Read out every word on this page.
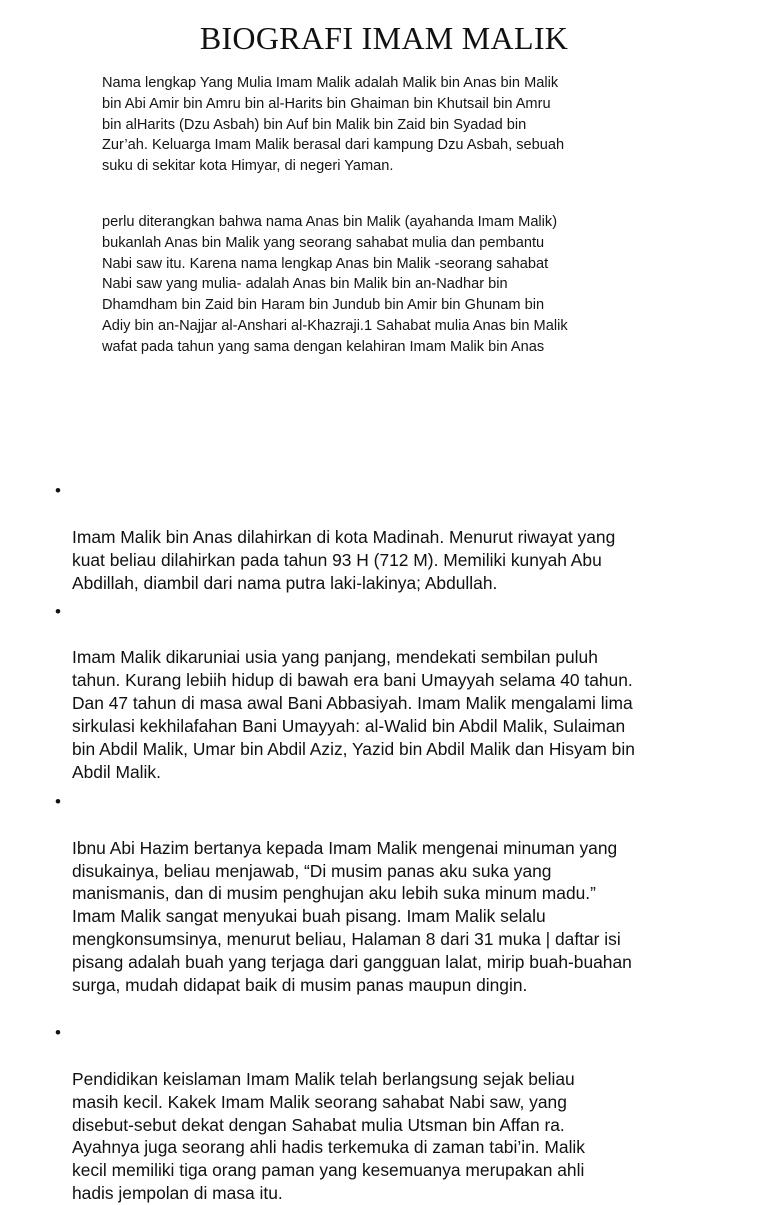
BIOGRAFI IMAM MALIK

Nama lengkap Yang Mulia Imam Malik adalah Malik bin Anas bin Malik
bin Abi Amir bin Amru bin al-Harits bin Ghaiman bin Khutsail bin Amru
bin alHarits (Dzu Asbah) bin Auf bin Malik bin Zaid bin Syadad bin
Zur’ah. Keluarga Imam Malik berasal dari kampung Dzu Asbah, sebuah
suku di sekitar kota Himyar, di negeri Yaman.

perlu diterangkan bahwa nama Anas bin Malik (ayahanda Imam Malik)
bukanlah Anas bin Malik yang seorang sahabat mulia dan pembantu
Nabi saw itu. Karena nama lengkap Anas bin Malik -seorang sahabat
Nabi saw yang mulia- adalah Anas bin Malik bin an-Nadhar bin
Dhamdham bin Zaid bin Haram bin Jundub bin Amir bin Ghunam bin
Adiy bin an-Najjar al-Anshari al-Khazraji.1 Sahabat mulia Anas bin Malik
wafat pada tahun yang sama dengan kelahiran Imam Malik bin Anas

•

Imam Malik bin Anas dilahirkan di kota Madinah. Menurut riwayat yang
kuat beliau dilahirkan pada tahun 93 H (712 M). Memiliki kunyah Abu
Abdillah, diambil dari nama putra laki-lakinya; Abdullah.

•

Imam Malik dikaruniai usia yang panjang, mendekati sembilan puluh
tahun. Kurang lebiih hidup di bawah era bani Umayyah selama 40 tahun.
Dan 47 tahun di masa awal Bani Abbasiyah. Imam Malik mengalami lima
sirkulasi kekhilafahan Bani Umayyah: al-Walid bin Abdil Malik, Sulaiman
bin Abdil Malik, Umar bin Abdil Aziz, Yazid bin Abdil Malik dan Hisyam bin
Abdil Malik.

•

Ibnu Abi Hazim bertanya kepada Imam Malik mengenai minuman yang
disukainya, beliau menjawab, “Di musim panas aku suka yang
manismanis, dan di musim penghujan aku lebih suka minum madu.”
Imam Malik sangat menyukai buah pisang. Imam Malik selalu
mengkonsumsinya, menurut beliau, Halaman 8 dari 31 muka | daftar isi
pisang adalah buah yang terjaga dari gangguan lalat, mirip buah-buahan
surga, mudah didapat baik di musim panas maupun dingin.

•

Pendidikan keislaman Imam Malik telah berlangsung sejak beliau
masih kecil. Kakek Imam Malik seorang sahabat Nabi saw, yang
disebut-sebut dekat dengan Sahabat mulia Utsman bin Affan ra.
Ayahnya juga seorang ahli hadis terkemuka di zaman tabi’in. Malik
kecil memiliki tiga orang paman yang kesemuanya merupakan ahli
hadis jempolan di masa itu.
